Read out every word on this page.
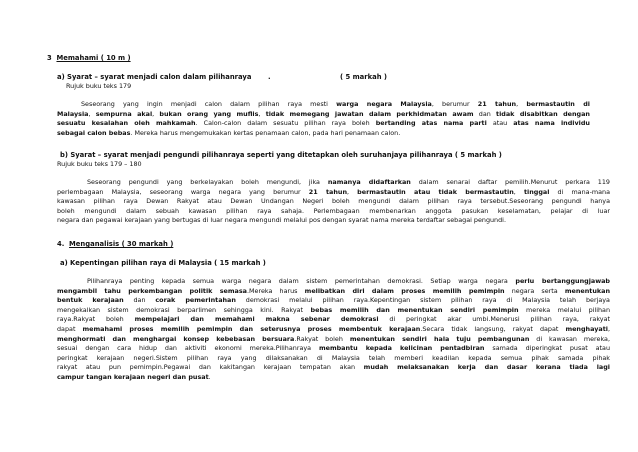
3 Memahami ( 10 m )
a) Syarat – syarat menjadi calon dalam pilihanraya .	( 5 markah )
Rujuk buku teks 179
Seseorang yang ingin menjadi calon dalam pilihan raya mesti warga negara Malaysia, berumur 21 tahun, bermastautin di
Malaysia, sempurna akal, bukan orang yang muflis, tidak memegang jawatan dalam perkhidmatan awam dan tidak disabitkan dengan
sesuatu kesalahan oleh mahkamah. Calon-calon dalam sesuatu pilihan raya boleh bertanding atas nama parti atau atas nama individu
sebagai calon bebas. Mereka harus mengemukakan kertas penamaan calon, pada hari penamaan calon.
b) Syarat – syarat menjadi pengundi pilihanraya seperti yang ditetapkan oleh suruhanjaya pilihanraya ( 5 markah )
Rujuk buku teks 179 – 180
Seseorang pengundi yang berkelayakan boleh mengundi, jika namanya didaftarkan dalam senarai daftar pemilih.Menurut perkara 119
perlembagaan Malaysia, seseorang warga negara yang berumur 21 tahun, bermastautin atau tidak bermastautin, tinggal di mana-mana
kawasan pilihan raya Dewan Rakyat atau Dewan Undangan Negeri boleh mengundi dalam pilihan raya tersebut.Seseorang pengundi hanya
boleh mengundi dalam sebuah kawasan pilihan raya sahaja. Perlembagaan membenarkan anggota pasukan keselamatan, pelajar di luar
negara dan pegawai kerajaan yang bertugas di luar negara mengundi melalui pos dengan syarat nama mereka terdaftar sebagai pengundi.
4. Menganalisis ( 30 markah )
a) Kepentingan pilihan raya di Malaysia ( 15 markah )
Pilihanraya penting kepada semua warga negara dalam sistem pemerintahan demokrasi. Setiap warga negara perlu bertanggungjawab
mengambil tahu perkembangan politik semasa.Mereka harus melibatkan diri dalam proses memilih pemimpin negara serta menentukan
bentuk kerajaan dan corak pemerintahan demokrasi melalui pilihan raya.Kepentingan sistem pilihan raya di Malaysia telah berjaya
mengekalkan sistem demokrasi berparlimen sehingga kini. Rakyat bebas memilih dan menentukan sendiri pemimpin mereka melalui pilihan
raya.Rakyat boleh mempelajari dan memahami makna sebenar demokrasi di peringkat akar umbi.Menerusi pilihan raya, rakyat
dapat memahami proses memilih pemimpin dan seterusnya proses membentuk kerajaan.Secara tidak langsung, rakyat dapat menghayati,
menghormati dan menghargai konsep kebebasan bersuara.Rakyat boleh menentukan sendiri hala tuju pembangunan di kawasan mereka,
sesuai dengan cara hidup dan aktiviti ekonomi mereka.Pilihanraya membantu kepada kelicinan pentadbiran samada diperingkat pusat atau
peringkat kerajaan negeri.Sistem pilihan raya yang dilaksanakan di Malaysia telah memberi keadilan kepada semua pihak samada pihak
rakyat atau pun pemimpin.Pegawai dan kakitangan kerajaan tempatan akan mudah melaksanakan kerja dan dasar kerana tiada lagi
campur tangan kerajaan negeri dan pusat.
